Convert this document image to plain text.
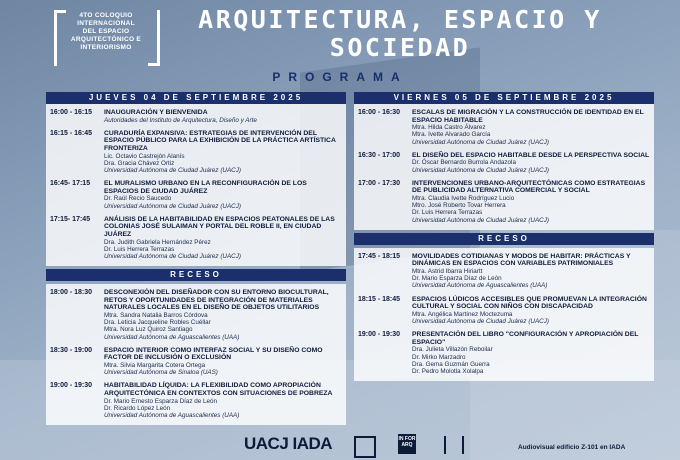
4TO COLOQUIO
INTERNACIONAL
DEL ESPACIO
ARQUITECTÓNICO E
INTERIORISMO
ARQUITECTURA, ESPACIO Y
SOCIEDAD
PROGRAMA
JUEVES 04 DE SEPTIEMBRE 2025
16:00 - 16:15	INAUGURACIÓN Y BIENVENIDA
Autoridades del Instituto de Arquitectura, Diseño y Arte
16:15 - 16:45	CURADURÍA EXPANSIVA: ESTRATEGIAS DE INTERVENCIÓN DEL ESPACIO PÚBLICO PARA LA EXHIBICIÓN DE LA PRÁCTICA ARTÍSTICA FRONTERIZA
Lic. Octavio Castrejón Alanís
Dra. Gracia Chávez Ortiz
Universidad Autónoma de Ciudad Juárez (UACJ)
16:45- 17:15	EL MURALISMO URBANO EN LA RECONFIGURACIÓN DE LOS ESPACIOS DE CIUDAD JUÁREZ
Dr. Raúl Recio Saucedo
Universidad Autónoma de Ciudad Juárez (UACJ)
17:15- 17:45	ANÁLISIS DE LA HABITABILIDAD EN ESPACIOS PEATONALES DE LAS COLONIAS JOSÉ SULAIMAN Y PORTAL DEL ROBLE II, EN CIUDAD JUÁREZ
Dra. Judith Gabriela Hernández Pérez
Dr. Luis Herrera Terrazas
Universidad Autónoma de Ciudad Juárez (UACJ)
RECESO
18:00 - 18:30	DESCONEXIÓN DEL DISEÑADOR CON SU ENTORNO BIOCULTURAL, RETOS Y OPORTUNIDADES DE INTEGRACIÓN DE MATERIALES NATURALES LOCALES EN EL DISEÑO DE OBJETOS UTILITARIOS
Mtra. Sandra Natalia Barros Córdova
Dra. Leticia Jacqueline Robles Cuéllar
Mtra. Nora Luz Quiroz Santiago
Universidad Autónoma de Aguascalientes (UAA)
18:30 - 19:00	ESPACIO INTERIOR COMO INTERFAZ SOCIAL Y SU DISEÑO COMO FACTOR DE INCLUSIÓN O EXCLUSIÓN
Mtra. Silvia Margarita Cotera Ortega
Universidad Autónoma de Sinaloa (UAS)
19:00 - 19:30	HABITABILIDAD LÍQUIDA: LA FLEXIBILIDAD COMO APROPIACIÓN ARQUITECTÓNICA EN CONTEXTOS CON SITUACIONES DE POBREZA
Dr. Mario Ernesto Esparza Díaz de León
Dr. Ricardo López León
Universidad Autónoma de Aguascalientes (UAA)
VIERNES 05 DE SEPTIEMBRE 2025
16:00 - 16:30	ESCALAS DE MIGRACIÓN Y LA CONSTRUCCIÓN DE IDENTIDAD EN EL ESPACIO HABITABLE
Mtra. Hilda Castro Álvarez
Mtra. Ivette Alvarado García
Universidad Autónoma de Ciudad Juárez (UACJ)
16:30 - 17:00	EL DISEÑO DEL ESPACIO HABITABLE DESDE LA PERSPECTIVA SOCIAL
Dr. Óscar Bernardo Burrola Andazola
Universidad Autónoma de Ciudad Juárez (UACJ)
17:00 - 17:30	INTERVENCIONES URBANO-ARQUITECTÓNICAS COMO ESTRATEGIAS DE PUBLICIDAD ALTERNATIVA COMERCIAL Y SOCIAL
Mtra. Claudia Ivette Rodríguez Lucio
Mtro. José Roberto Tovar Herrera
Dr. Luis Herrera Terrazas
Universidad Autónoma de Ciudad Juárez (UACJ)
RECESO
17:45 - 18:15	MOVILIDADES COTIDIANAS Y MODOS DE HABITAR: PRÁCTICAS Y DINÁMICAS EN ESPACIOS CON VARIABLES PATRIMONIALES
Mtra. Astrid Ibarra Hiriartt
Dr. Mario Esparza Díaz de León
Universidad Autónoma de Aguascalientes (UAA)
18:15 - 18:45	ESPACIOS LÚDICOS ACCESIBLES QUE PROMUEVAN LA INTEGRACIÓN CULTURAL Y SOCIAL CON NIÑOS CON DISCAPACIDAD
Mtra. Angélica Martínez Moctezuma
Universidad Autónoma de Ciudad Juárez (UACJ)
19:00 - 19:30	PRESENTACIÓN DEL LIBRO "CONFIGURACIÓN Y APROPIACIÓN DEL ESPACIO"
Dra. Julieta Villazón Reboilar
Dr. Mirko Marzadro
Dra. Gema Guzmán Guerra
Dr. Pedro Molotla Xolalpa
UACJ IADA	IN FOR ARQ	Audiovisual edificio Z-101 en IADA
